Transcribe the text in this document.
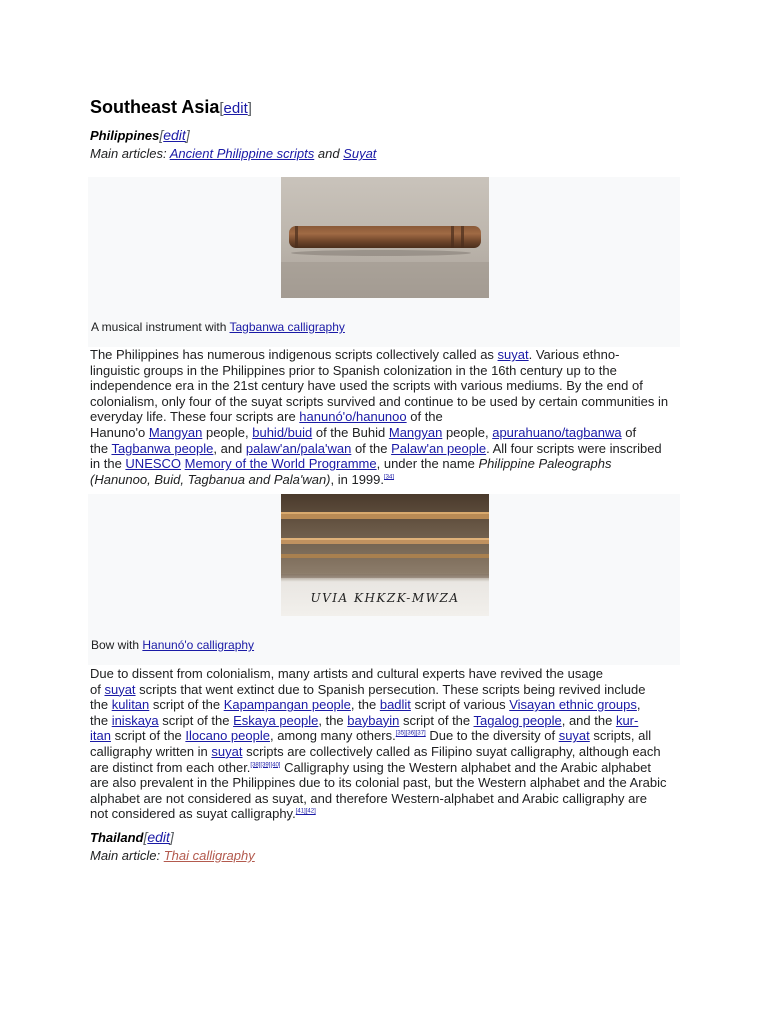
Southeast Asia[edit]
Philippines[edit]
Main articles: Ancient Philippine scripts and Suyat
A musical instrument with Tagbanwa calligraphy

The Philippines has numerous indigenous scripts collectively called as suyat. Various ethno-

linguistic groups in the Philippines prior to Spanish colonization in the 16th century up to the

independence era in the 21st century have used the scripts with various mediums. By the end of

colonialism, only four of the suyat scripts survived and continue to be used by certain communities in

everyday life. These four scripts are hanunó'o/hanunoo of the

Hanuno'o Mangyan people, buhid/buid of the Buhid Mangyan people, apurahuano/tagbanwa of

the Tagbanwa people, and palaw'an/pala'wan of the Palaw'an people. All four scripts were inscribed

in the UNESCO Memory of the World Programme, under the name Philippine Paleographs

(Hanunoo, Buid, Tagbanua and Pala'wan), in 1999.[34]

UVIA KHKZK-MWZA
Bow with Hanunó'o calligraphy

Due to dissent from colonialism, many artists and cultural experts have revived the usage

of suyat scripts that went extinct due to Spanish persecution. These scripts being revived include

the kulitan script of the Kapampangan people, the badlit script of various Visayan ethnic groups,

the iniskaya script of the Eskaya people, the baybayin script of the Tagalog people, and the kur-

itan script of the Ilocano people, among many others.[35][36][37] Due to the diversity of suyat scripts, all

calligraphy written in suyat scripts are collectively called as Filipino suyat calligraphy, although each

are distinct from each other.[38][39][40] Calligraphy using the Western alphabet and the Arabic alphabet

are also prevalent in the Philippines due to its colonial past, but the Western alphabet and the Arabic

alphabet are not considered as suyat, and therefore Western-alphabet and Arabic calligraphy are

not considered as suyat calligraphy.[41][42]

Thailand[edit]
Main article: Thai calligraphy
